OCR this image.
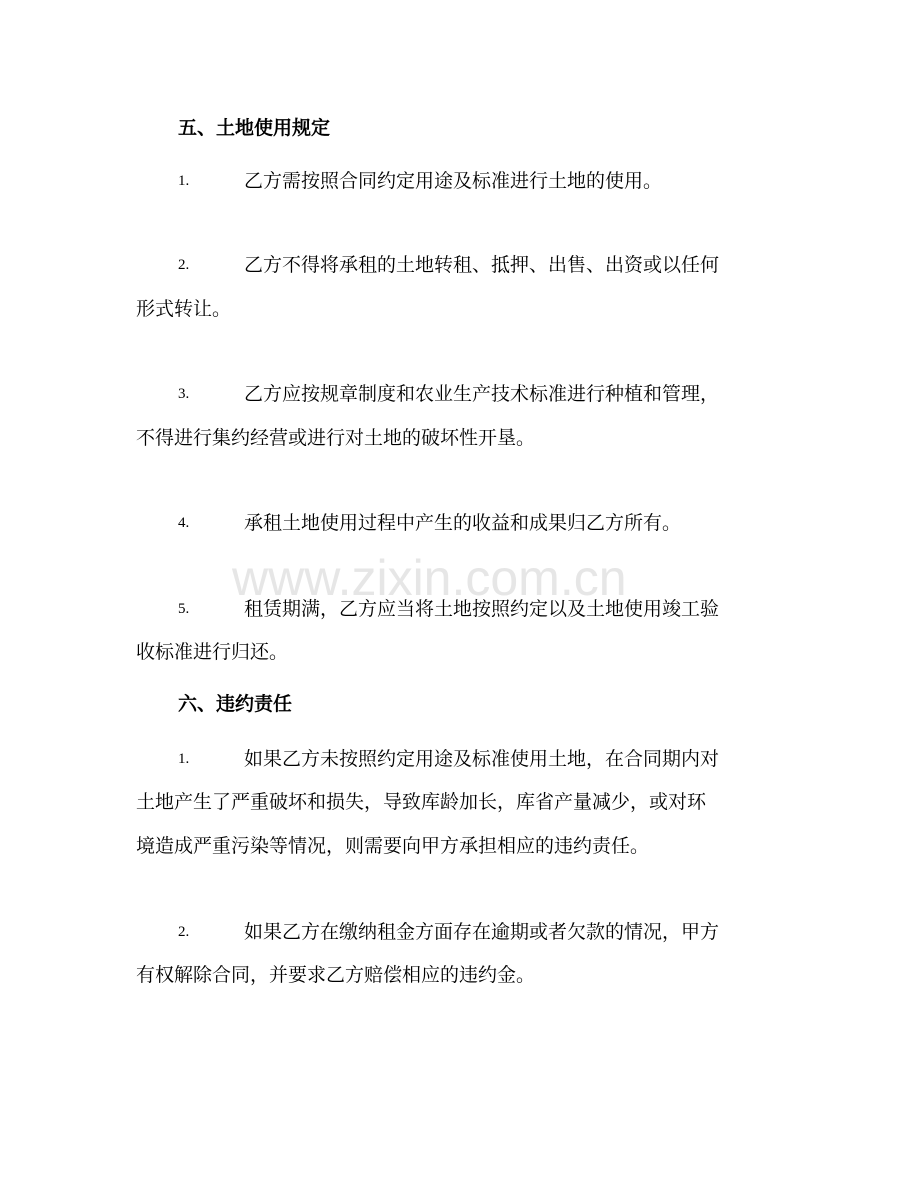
www.zixin.com.cn
五、土地使用规定
1.	乙方需按照合同约定用途及标准进行土地的使用。
2.	乙方不得将承租的土地转租、抵押、出售、出资或以任何
形式转让。
3.	乙方应按规章制度和农业生产技术标准进行种植和管理，
不得进行集约经营或进行对土地的破坏性开垦。
4.	承租土地使用过程中产生的收益和成果归乙方所有。
5.	租赁期满，乙方应当将土地按照约定以及土地使用竣工验
收标准进行归还。
六、违约责任
1.	如果乙方未按照约定用途及标准使用土地，在合同期内对
土地产生了严重破坏和损失，导致库龄加长，库省产量减少，或对环
境造成严重污染等情况，则需要向甲方承担相应的违约责任。
2.	如果乙方在缴纳租金方面存在逾期或者欠款的情况，甲方
有权解除合同，并要求乙方赔偿相应的违约金。
